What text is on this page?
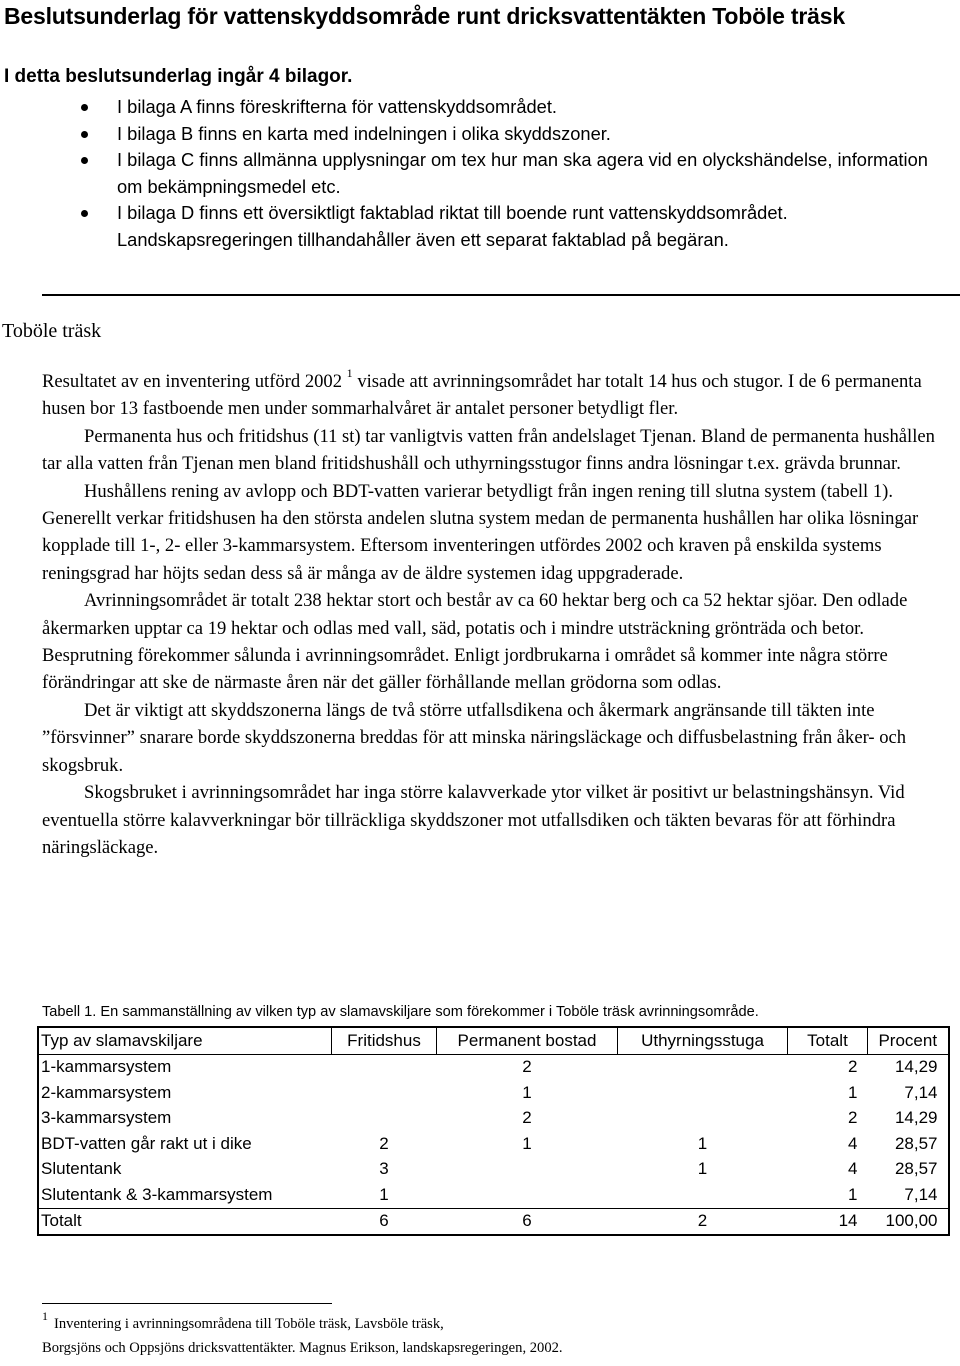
Beslutsunderlag för vattenskyddsområde runt dricksvattentäkten Toböle träsk
I detta beslutsunderlag ingår 4 bilagor.
I bilaga A finns föreskrifterna för vattenskyddsområdet.
I bilaga B finns en karta med indelningen i olika skyddszoner.
I bilaga C finns allmänna upplysningar om tex hur man ska agera vid en olyckshändelse, information om bekämpningsmedel etc.
I bilaga D finns ett översiktligt faktablad riktat till boende runt vattenskyddsområdet. Landskapsregeringen tillhandahåller även ett separat faktablad på begäran.
Toböle träsk

Resultatet av en inventering utförd 2002 $^1$ visade att avrinningsområdet har totalt 14 hus och stugor. I de 6 permanenta husen bor 13 fastboende men under sommarhalvåret är antalet personer betydligt fler.

Permanenta hus och fritidshus (11 st) tar vanligtvis vatten från andelslaget Tjenan. Bland de permanenta hushållen tar alla vatten från Tjenan men bland fritidshushåll och uthyrningsstugor finns andra lösningar t.ex. grävda brunnar.

Hushållens rening av avlopp och BDT-vatten varierar betydligt från ingen rening till slutna system (tabell 1). Generellt verkar fritidshusen ha den största andelen slutna system medan de permanenta hushållen har olika lösningar kopplade till 1-, 2- eller 3-kammarsystem. Eftersom inventeringen utfördes 2002 och kraven på enskilda systems reningsgrad har höjts sedan dess så är många av de äldre systemen idag uppgraderade.

Avrinningsområdet är totalt 238 hektar stort och består av ca 60 hektar berg och ca 52 hektar sjöar. Den odlade åkermarken upptar ca 19 hektar och odlas med vall, säd, potatis och i mindre utsträckning grönträda och betor. Besprutning förekommer sålunda i avrinningsområdet. Enligt jordbrukarna i området så kommer inte några större förändringar att ske de närmaste åren när det gäller förhållande mellan grödorna som odlas.

Det är viktigt att skyddszonerna längs de två större utfallsdikena och åkermark angränsande till täkten inte ”försvinner” snarare borde skyddszonerna breddas för att minska näringsläckage och diffusbelastning från åker- och skogsbruk.

Skogsbruket i avrinningsområdet har inga större kalavverkade ytor vilket är positivt ur belastningshänsyn. Vid eventuella större kalavverkningar bör tillräckliga skyddszoner mot utfallsdiken och täkten bevaras för att förhindra näringsläckage.

Tabell 1. En sammanställning av vilken typ av slamavskiljare som förekommer i Toböle träsk avrinningsområde.
Typ av slamavskiljare	Fritidshus	Permanent bostad	Uthyrningsstuga	Totalt	Procent
1-kammarsystem		2		2	14,29
2-kammarsystem		1		1	7,14
3-kammarsystem		2		2	14,29
BDT-vatten går rakt ut i dike	2	1	1	4	28,57
Slutentank	3		1	4	28,57
Slutentank & 3-kammarsystem	1			1	7,14
Totalt	6	6	2	14	100,00
$^1$ Inventering i avrinningsområdena till Toböle träsk, Lavsböle träsk,
Borgsjöns och Oppsjöns dricksvattentäkter. Magnus Erikson, landskapsregeringen, 2002.
